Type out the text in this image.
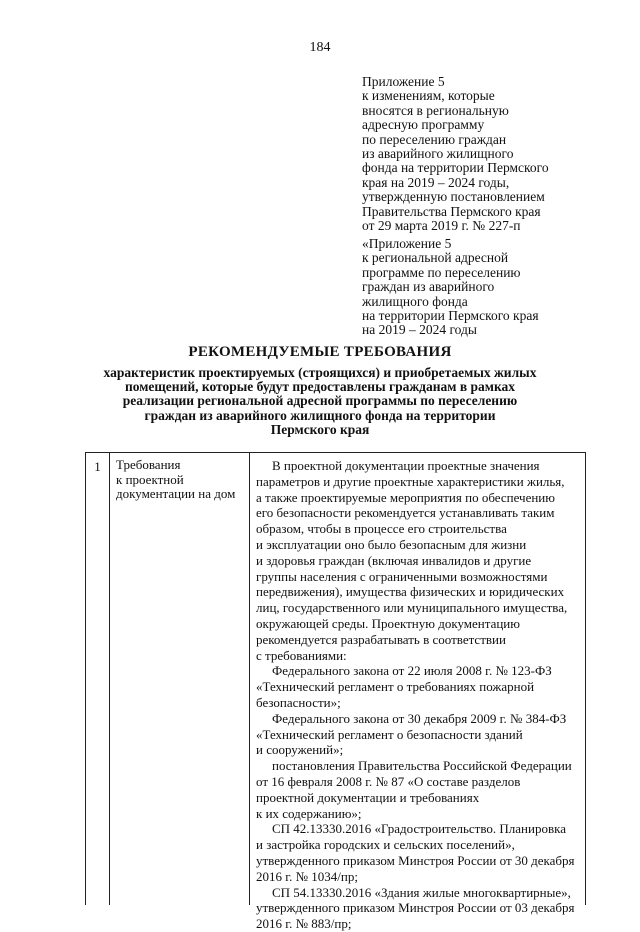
184
Приложение 5
к изменениям, которые
вносятся в региональную
адресную программу
по переселению граждан
из аварийного жилищного
фонда на территории Пермского
края на 2019 – 2024 годы,
утвержденную постановлением
Правительства Пермского края
от 29 марта 2019 г. № 227-п
«Приложение 5
к региональной адресной
программе по переселению
граждан из аварийного
жилищного фонда
на территории Пермского края
на 2019 – 2024 годы
РЕКОМЕНДУЕМЫЕ ТРЕБОВАНИЯ
характеристик проектируемых (строящихся) и приобретаемых жилых
помещений, которые будут предоставлены гражданам в рамках
реализации региональной адресной программы по переселению
граждан из аварийного жилищного фонда на территории
Пермского края
1	Требования
к проектной
документации на дом
В проектной документации проектные значения
параметров и другие проектные характеристики жилья,
а также проектируемые мероприятия по обеспечению
его безопасности рекомендуется устанавливать таким
образом, чтобы в процессе его строительства
и эксплуатации оно было безопасным для жизни
и здоровья граждан (включая инвалидов и другие
группы населения с ограниченными возможностями
передвижения), имущества физических и юридических
лиц, государственного или муниципального имущества,
окружающей среды. Проектную документацию
рекомендуется разрабатывать в соответствии
с требованиями:
Федерального закона от 22 июля 2008 г. № 123-ФЗ
«Технический регламент о требованиях пожарной
безопасности»;
Федерального закона от 30 декабря 2009 г. № 384-ФЗ
«Технический регламент о безопасности зданий
и сооружений»;
постановления Правительства Российской Федерации
от 16 февраля 2008 г. № 87 «О составе разделов
проектной документации и требованиях
к их содержанию»;
СП 42.13330.2016 «Градостроительство. Планировка
и застройка городских и сельских поселений»,
утвержденного приказом Минстроя России от 30 декабря
2016 г. № 1034/пр;
СП 54.13330.2016 «Здания жилые многоквартирные»,
утвержденного приказом Минстроя России от 03 декабря
2016 г. № 883/пр;
